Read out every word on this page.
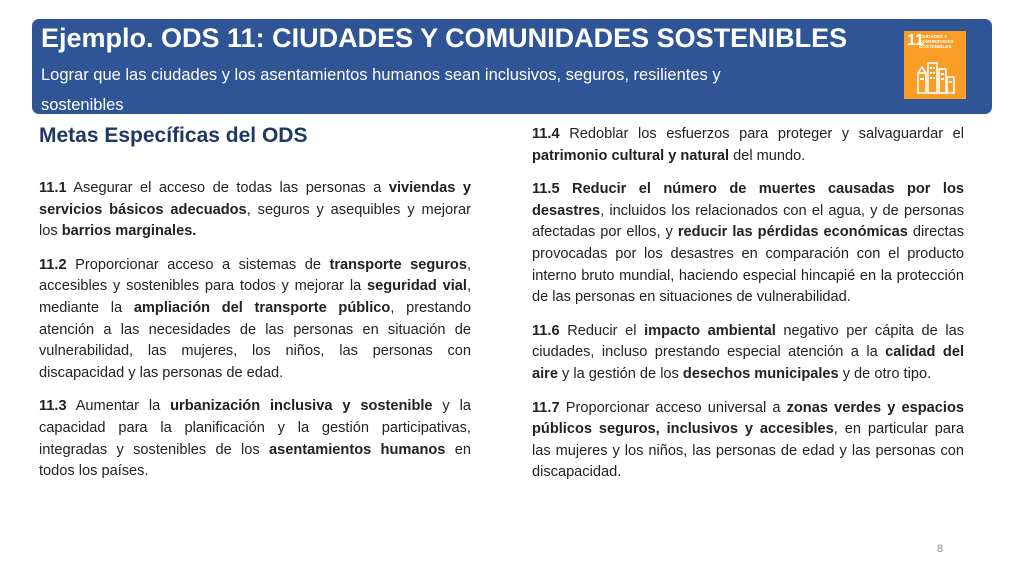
Ejemplo. ODS 11: CIUDADES Y COMUNIDADES SOSTENIBLES
Lograr que las ciudades y los asentamientos humanos sean inclusivos, seguros, resilientes y sostenibles
11
CIUDADES Y COMUNIDADES SOSTENIBLES
Metas Específicas del ODS

11.1 Asegurar el acceso de todas las personas a viviendas y servicios básicos adecuados, seguros y asequibles y mejorar los barrios marginales.

11.2 Proporcionar acceso a sistemas de transporte seguros, accesibles y sostenibles para todos y mejorar la seguridad vial, mediante la ampliación del transporte público, prestando atención a las necesidades de las personas en situación de vulnerabilidad, las mujeres, los niños, las personas con discapacidad y las personas de edad.

11.3 Aumentar la urbanización inclusiva y sostenible y la capacidad para la planificación y la gestión participativas, integradas y sostenibles de los asentamientos humanos en todos los países.

11.4 Redoblar los esfuerzos para proteger y salvaguardar el patrimonio cultural y natural del mundo.

11.5 Reducir el número de muertes causadas por los desastres, incluidos los relacionados con el agua, y de personas afectadas por ellos, y reducir las pérdidas económicas directas provocadas por los desastres en comparación con el producto interno bruto mundial, haciendo especial hincapié en la protección de las personas en situaciones de vulnerabilidad.

11.6 Reducir el impacto ambiental negativo per cápita de las ciudades, incluso prestando especial atención a la calidad del aire y la gestión de los desechos municipales y de otro tipo.

11.7 Proporcionar acceso universal a zonas verdes y espacios públicos seguros, inclusivos y accesibles, en particular para las mujeres y los niños, las personas de edad y las personas con discapacidad.

8
